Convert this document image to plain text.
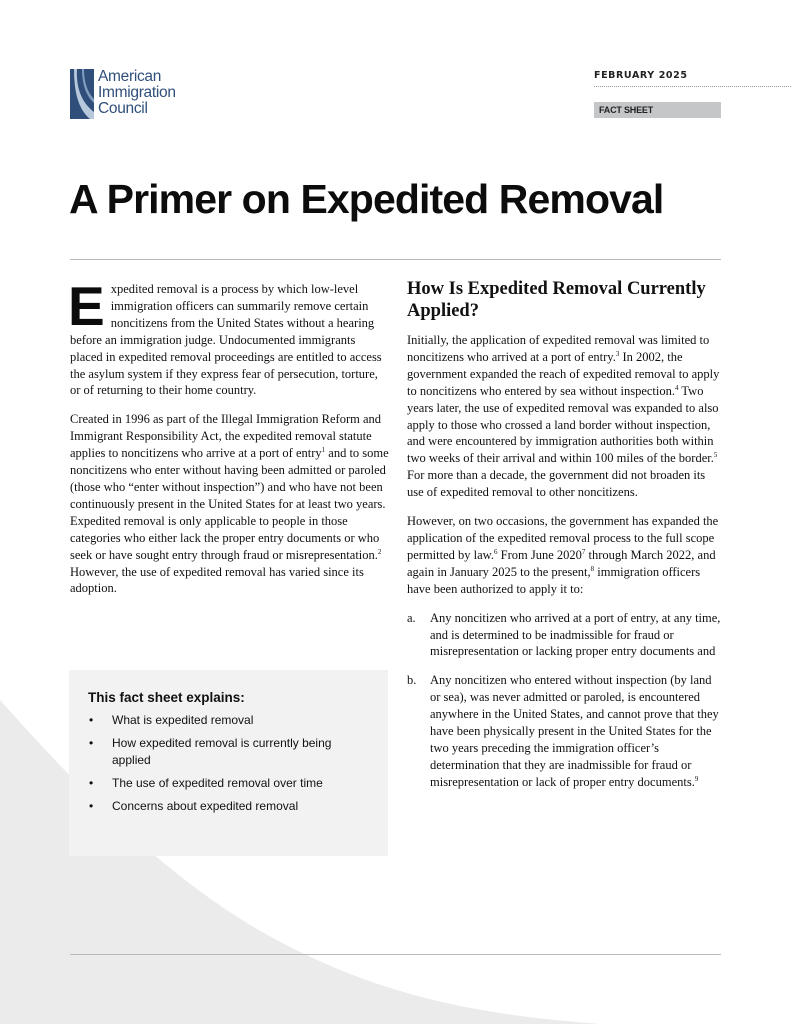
American
Immigration
Council
FEBRUARY 2025
FACT SHEET
A Primer on Expedited Removal

Expedited removal is a process by which low-level immigration officers can summarily remove certain noncitizens from the United States without a hearing before an immigration judge. Undocumented immigrants placed in expedited removal proceedings are entitled to access the asylum system if they express fear of persecution, torture, or of returning to their home country.

Created in 1996 as part of the Illegal Immigration Reform and Immigrant Responsibility Act, the expedited removal statute applies to noncitizens who arrive at a port of entry$^1$ and to some noncitizens who enter without having been admitted or paroled (those who “enter without inspection”) and who have not been continuously present in the United States for at least two years. Expedited removal is only applicable to people in those categories who either lack the proper entry documents or who seek or have sought entry through fraud or misrepresentation.$^2$ However, the use of expedited removal has varied since its adoption.

This fact sheet explains:

•	What is expedited removal
•	How expedited removal is currently being applied
•	The use of expedited removal over time
•	Concerns about expedited removal
How Is Expedited Removal Currently Applied?

Initially, the application of expedited removal was limited to noncitizens who arrived at a port of entry.$^3$ In 2002, the government expanded the reach of expedited removal to apply to noncitizens who entered by sea without inspection.$^4$ Two years later, the use of expedited removal was expanded to also apply to those who crossed a land border without inspection, and were encountered by immigration authorities both within two weeks of their arrival and within 100 miles of the border.$^5$ For more than a decade, the government did not broaden its use of expedited removal to other noncitizens.

However, on two occasions, the government has expanded the application of the expedited removal process to the full scope permitted by law.$^6$ From June 2020$^7$ through March 2022, and again in January 2025 to the present,$^8$ immigration officers have been authorized to apply it to:

a.	Any noncitizen who arrived at a port of entry, at any time, and is determined to be inadmissible for fraud or misrepresentation or lacking proper entry documents and
b.	Any noncitizen who entered without inspection (by land or sea), was never admitted or paroled, is encountered anywhere in the United States, and cannot prove that they have been physically present in the United States for the two years preceding the immigration officer’s determination that they are inadmissible for fraud or misrepresentation or lack of proper entry documents.$^9$
